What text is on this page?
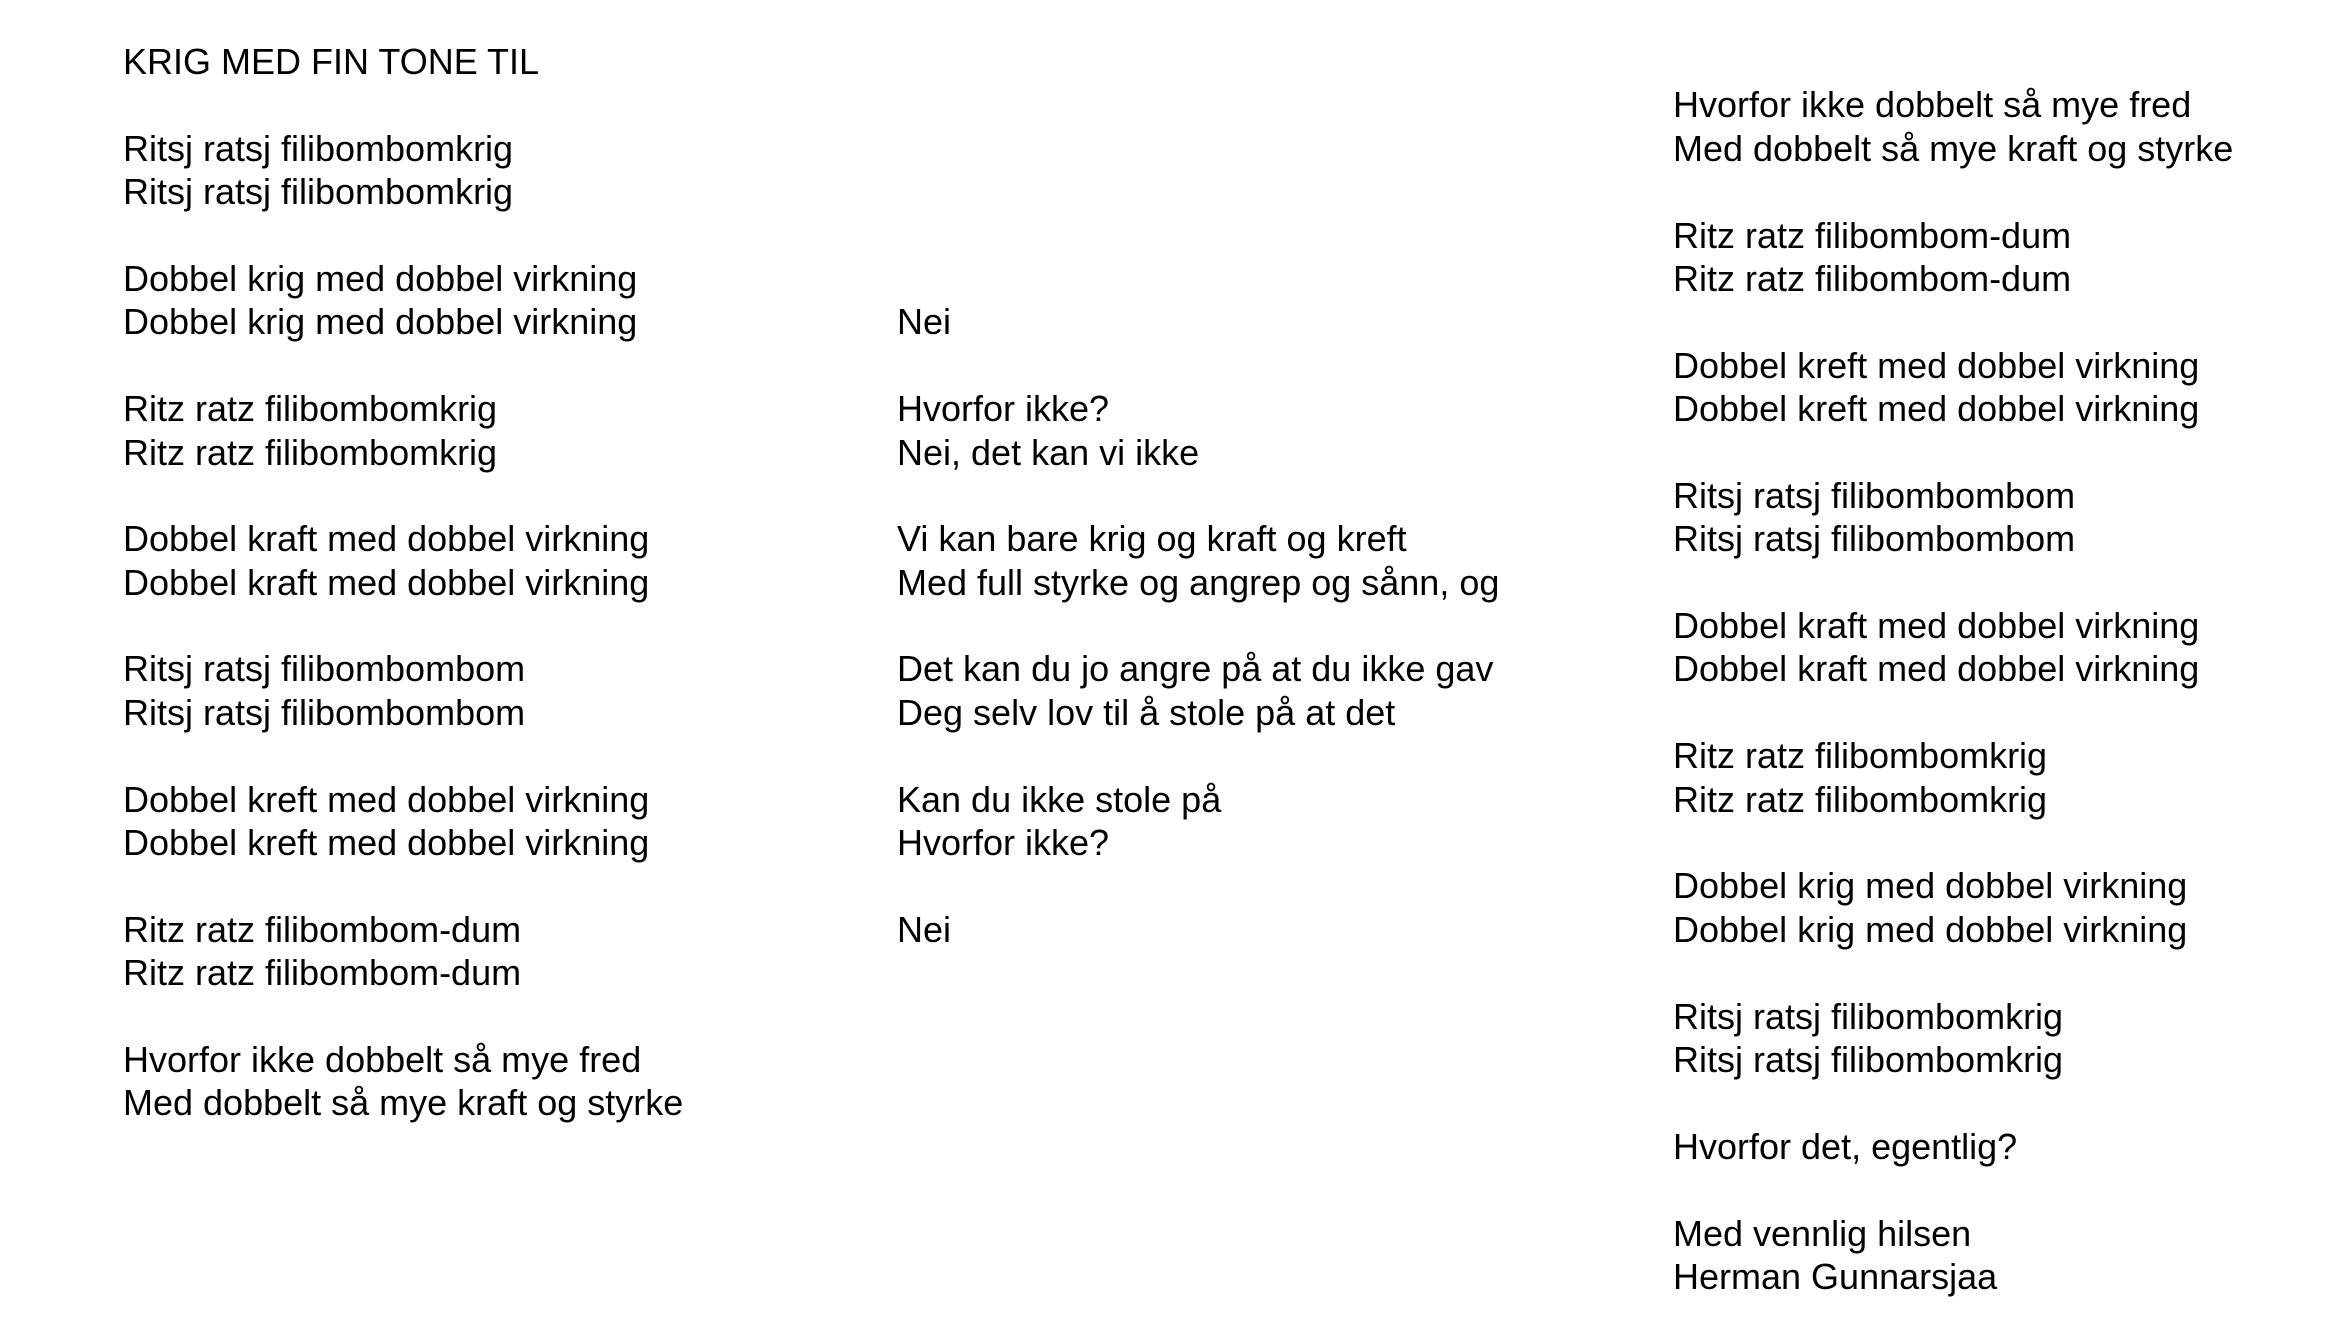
KRIG MED FIN TONE TIL
Ritsj ratsj filibombomkrig
Ritsj ratsj filibombomkrig
Dobbel krig med dobbel virkning
Dobbel krig med dobbel virkning
Ritz ratz filibombomkrig
Ritz ratz filibombomkrig
Dobbel kraft med dobbel virkning
Dobbel kraft med dobbel virkning
Ritsj ratsj filibombombom
Ritsj ratsj filibombombom
Dobbel kreft med dobbel virkning
Dobbel kreft med dobbel virkning
Ritz ratz filibombom-dum
Ritz ratz filibombom-dum
Hvorfor ikke dobbelt så mye fred
Med dobbelt så mye kraft og styrke
Nei
Hvorfor ikke?
Nei, det kan vi ikke
Vi kan bare krig og kraft og kreft
Med full styrke og angrep og sånn, og
Det kan du jo angre på at du ikke gav
Deg selv lov til å stole på at det
Kan du ikke stole på
Hvorfor ikke?
Nei
Hvorfor ikke dobbelt så mye fred
Med dobbelt så mye kraft og styrke
Ritz ratz filibombom-dum
Ritz ratz filibombom-dum
Dobbel kreft med dobbel virkning
Dobbel kreft med dobbel virkning
Ritsj ratsj filibombombom
Ritsj ratsj filibombombom
Dobbel kraft med dobbel virkning
Dobbel kraft med dobbel virkning
Ritz ratz filibombomkrig
Ritz ratz filibombomkrig
Dobbel krig med dobbel virkning
Dobbel krig med dobbel virkning
Ritsj ratsj filibombomkrig
Ritsj ratsj filibombomkrig
Hvorfor det, egentlig?
Med vennlig hilsen
Herman Gunnarsjaa
